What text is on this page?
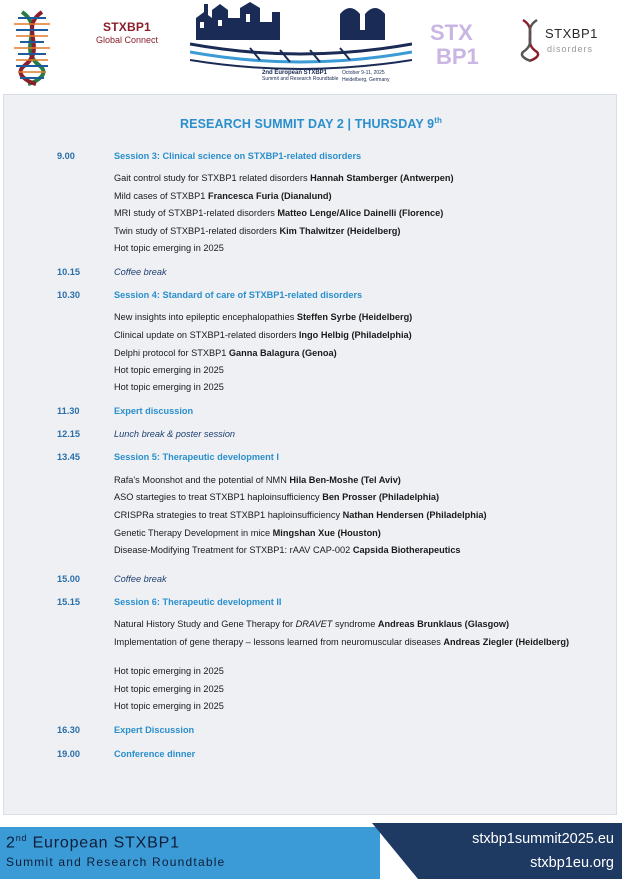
STXBP1
Global Connect
2nd European STXBP1
Summit and Research Roundtable
October 9-11, 2025
Heidelberg, Germany
STX
BP1
STXBP1
disorders
RESEARCH SUMMIT DAY 2 | THURSDAY 9th
9.00	Session 3: Clinical science on STXBP1-related disorders
Gait control study for STXBP1 related disorders Hannah Stamberger (Antwerpen)
Mild cases of STXBP1 Francesca Furia (Dianalund)
MRI study of STXBP1-related disorders Matteo Lenge/Alice Dainelli (Florence)
Twin study of STXBP1-related disorders Kim Thalwitzer (Heidelberg)
Hot topic emerging in 2025
10.15	Coffee break
10.30	Session 4: Standard of care of STXBP1-related disorders
New insights into epileptic encephalopathies Steffen Syrbe (Heidelberg)
Clinical update on STXBP1-related disorders Ingo Helbig (Philadelphia)
Delphi protocol for STXBP1 Ganna Balagura (Genoa)
Hot topic emerging in 2025
Hot topic emerging in 2025
11.30	Expert discussion
12.15	Lunch break & poster session
13.45	Session 5: Therapeutic development I
Rafa's Moonshot and the potential of NMN Hila Ben-Moshe (Tel Aviv)
ASO startegies to treat STXBP1 haploinsufficiency Ben Prosser (Philadelphia)
CRISPRa strategies to treat STXBP1 haploinsufficiency Nathan Hendersen (Philadelphia)
Genetic Therapy Development in mice Mingshan Xue (Houston)
Disease-Modifying Treatment for STXBP1: rAAV CAP-002 Capsida Biotherapeutics
15.00	Coffee break
15.15	Session 6: Therapeutic development II
Natural History Study and Gene Therapy for DRAVET syndrome Andreas Brunklaus (Glasgow)
Implementation of gene therapy – lessons learned from neuromuscular diseases Andreas Ziegler (Heidelberg)
Hot topic emerging in 2025
Hot topic emerging in 2025
Hot topic emerging in 2025
16.30	Expert Discussion
19.00	Conference dinner
2nd European STXBP1
Summit and Research Roundtable
stxbp1summit2025.eu
stxbp1eu.org
